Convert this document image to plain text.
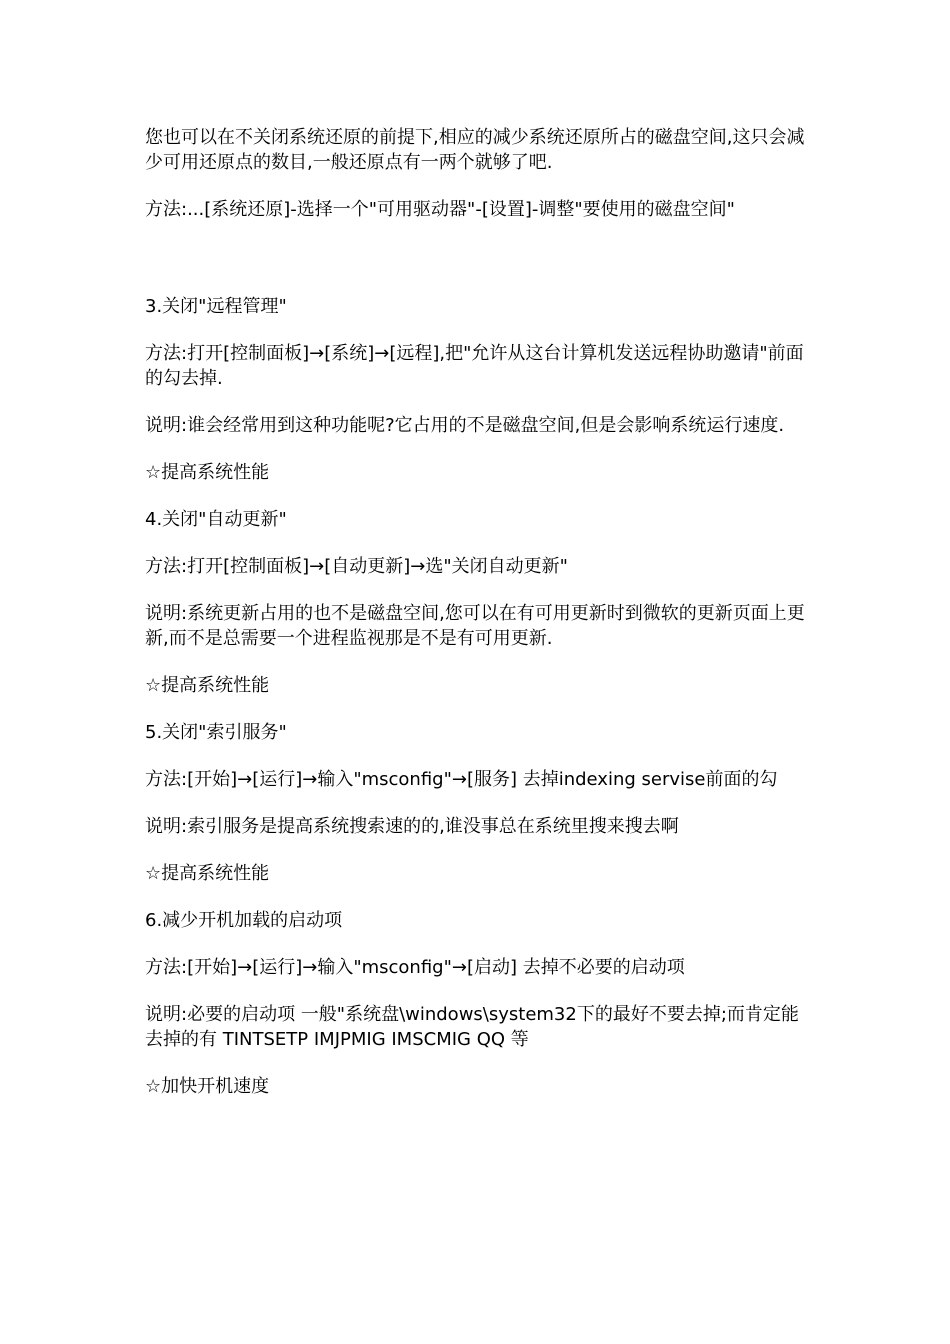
您也可以在不关闭系统还原的前提下,相应的减少系统还原所占的磁盘空间,这只会减少可用还原点的数目,一般还原点有一两个就够了吧.

方法:...[系统还原]-选择一个"可用驱动器"-[设置]-调整"要使用的磁盘空间"

3.关闭"远程管理"

方法:打开[控制面板]→[系统]→[远程],把"允许从这台计算机发送远程协助邀请"前面的勾去掉.

说明:谁会经常用到这种功能呢?它占用的不是磁盘空间,但是会影响系统运行速度.

☆提高系统性能

4.关闭"自动更新"

方法:打开[控制面板]→[自动更新]→选"关闭自动更新"

说明:系统更新占用的也不是磁盘空间,您可以在有可用更新时到微软的更新页面上更新,而不是总需要一个进程监视那是不是有可用更新.

☆提高系统性能

5.关闭"索引服务"

方法:[开始]→[运行]→输入"msconfig"→[服务] 去掉indexing servise前面的勾

说明:索引服务是提高系统搜索速的的,谁没事总在系统里搜来搜去啊

☆提高系统性能

6.减少开机加载的启动项

方法:[开始]→[运行]→输入"msconfig"→[启动] 去掉不必要的启动项

说明:必要的启动项 一般"系统盘\windows\system32下的最好不要去掉;而肯定能去掉的有 TINTSETP IMJPMIG IMSCMIG QQ 等

☆加快开机速度
